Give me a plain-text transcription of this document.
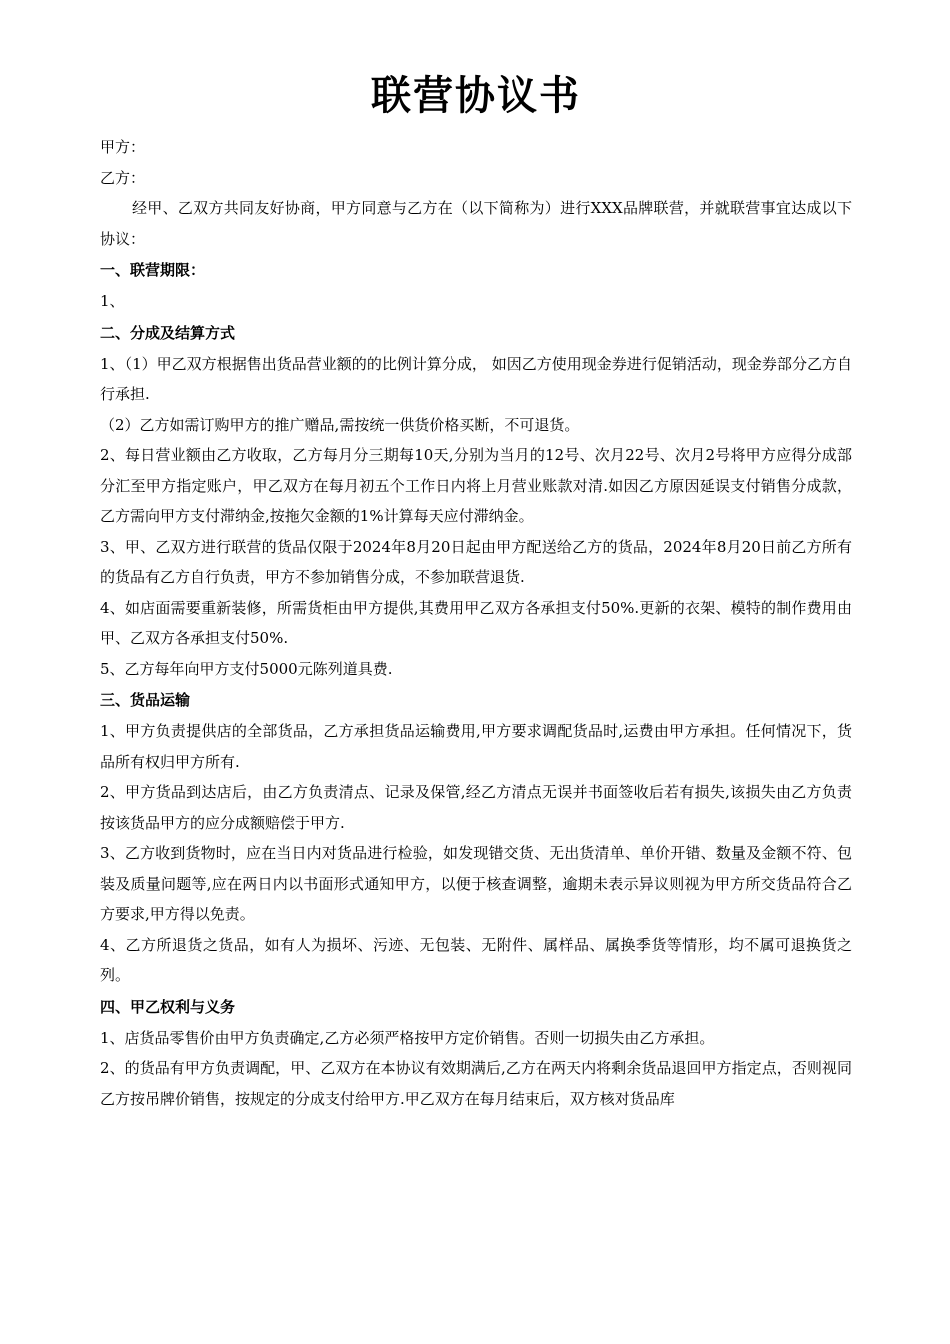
联营协议书

甲方：

乙方：

经甲、乙双方共同友好协商，甲方同意与乙方在（以下简称为）进行XXX品牌联营，并就联营事宜达成以下协议：

一、联营期限：

1、

二、分成及结算方式

1、（1）甲乙双方根据售出货品营业额的的比例计算分成， 如因乙方使用现金券进行促销活动，现金券部分乙方自行承担.

（2）乙方如需订购甲方的推广赠品,需按统一供货价格买断，不可退货。

2、每日营业额由乙方收取，乙方每月分三期每10天,分别为当月的12号、次月22号、次月2号将甲方应得分成部分汇至甲方指定账户，甲乙双方在每月初五个工作日内将上月营业账款对清.如因乙方原因延误支付销售分成款，乙方需向甲方支付滞纳金,按拖欠金额的1%计算每天应付滞纳金。

3、甲、乙双方进行联营的货品仅限于2024年8月20日起由甲方配送给乙方的货品，2024年8月20日前乙方所有的货品有乙方自行负责，甲方不参加销售分成，不参加联营退货.

4、如店面需要重新装修，所需货柜由甲方提供,其费用甲乙双方各承担支付50%.更新的衣架、模特的制作费用由甲、乙双方各承担支付50%.

5、乙方每年向甲方支付5000元陈列道具费.

三、货品运输

1、甲方负责提供店的全部货品，乙方承担货品运输费用,甲方要求调配货品时,运费由甲方承担。任何情况下，货品所有权归甲方所有.

2、甲方货品到达店后，由乙方负责清点、记录及保管,经乙方清点无误并书面签收后若有损失,该损失由乙方负责按该货品甲方的应分成额赔偿于甲方.

3、乙方收到货物时，应在当日内对货品进行检验，如发现错交货、无出货清单、单价开错、数量及金额不符、包装及质量问题等,应在两日内以书面形式通知甲方，以便于核查调整，逾期未表示异议则视为甲方所交货品符合乙方要求,甲方得以免责。

4、乙方所退货之货品，如有人为损坏、污迹、无包装、无附件、属样品、属换季货等情形，均不属可退换货之列。

四、甲乙权利与义务

1、店货品零售价由甲方负责确定,乙方必须严格按甲方定价销售。否则一切损失由乙方承担。

2、的货品有甲方负责调配，甲、乙双方在本协议有效期满后,乙方在两天内将剩余货品退回甲方指定点，否则视同乙方按吊牌价销售，按规定的分成支付给甲方.甲乙双方在每月结束后，双方核对货品库
